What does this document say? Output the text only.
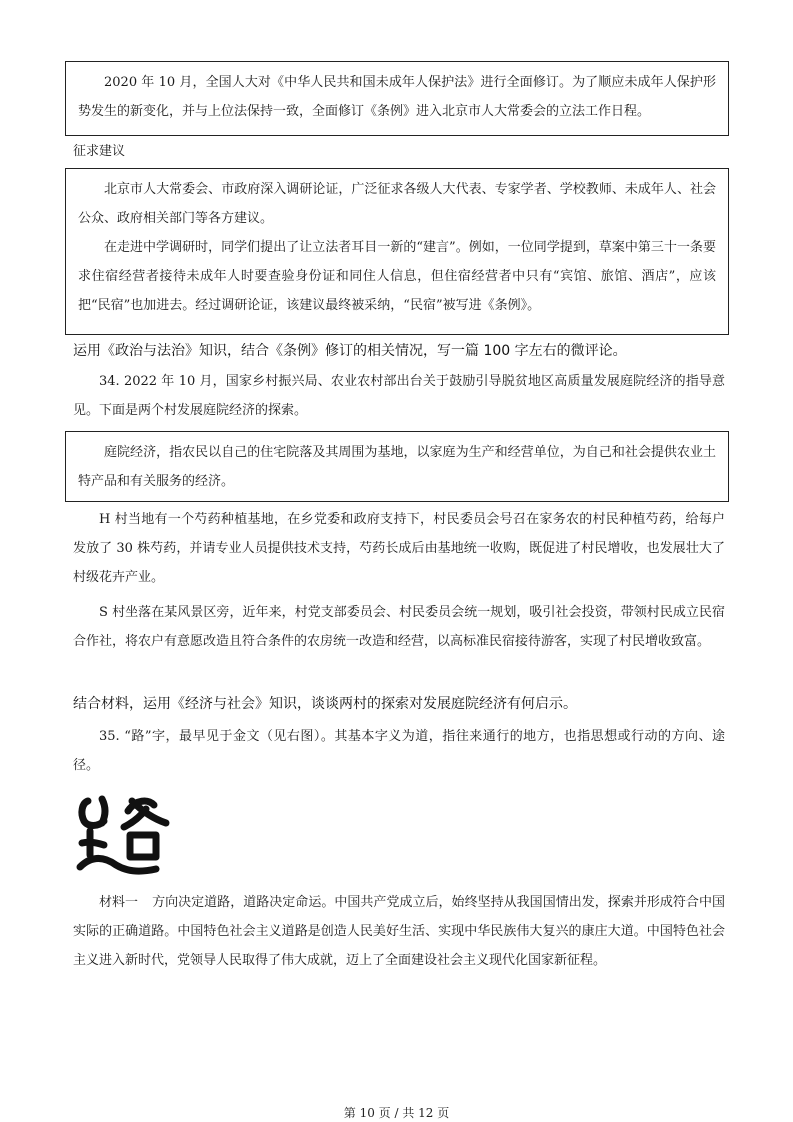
2020 年 10 月，全国人大对《中华人民共和国未成年人保护法》进行全面修订。为了顺应未成年人保护形势发生的新变化，并与上位法保持一致，全面修订《条例》进入北京市人大常委会的立法工作日程。
征求建议
北京市人大常委会、市政府深入调研论证，广泛征求各级人大代表、专家学者、学校教师、未成年人、社会公众、政府相关部门等各方建议。
在走进中学调研时，同学们提出了让立法者耳目一新的“建言”。例如，一位同学提到，草案中第三十一条要求住宿经营者接待未成年人时要查验身份证和同住人信息，但住宿经营者中只有“宾馆、旅馆、酒店”，应该把“民宿”也加进去。经过调研论证，该建议最终被采纳，“民宿”被写进《条例》。
运用《政治与法治》知识，结合《条例》修订的相关情况，写一篇 100 字左右的微评论。

34. 2022 年 10 月，国家乡村振兴局、农业农村部出台关于鼓励引导脱贫地区高质量发展庭院经济的指导意见。下面是两个村发展庭院经济的探索。

庭院经济，指农民以自己的住宅院落及其周围为基地，以家庭为生产和经营单位，为自己和社会提供农业土特产品和有关服务的经济。

H 村当地有一个芍药种植基地，在乡党委和政府支持下，村民委员会号召在家务农的村民种植芍药，给每户发放了 30 株芍药，并请专业人员提供技术支持，芍药长成后由基地统一收购，既促进了村民增收，也发展壮大了村级花卉产业。

S 村坐落在某风景区旁，近年来，村党支部委员会、村民委员会统一规划，吸引社会投资，带领村民成立民宿合作社，将农户有意愿改造且符合条件的农房统一改造和经营，以高标准民宿接待游客，实现了村民增收致富。

结合材料，运用《经济与社会》知识，谈谈两村的探索对发展庭院经济有何启示。

35. “路”字，最早见于金文（见右图）。其基本字义为道，指往来通行的地方，也指思想或行动的方向、途径。

材料一 方向决定道路，道路决定命运。中国共产党成立后，始终坚持从我国国情出发，探索并形成符合中国实际的正确道路。中国特色社会主义道路是创造人民美好生活、实现中华民族伟大复兴的康庄大道。中国特色社会主义进入新时代，党领导人民取得了伟大成就，迈上了全面建设社会主义现代化国家新征程。
第 10 页 / 共 12 页
